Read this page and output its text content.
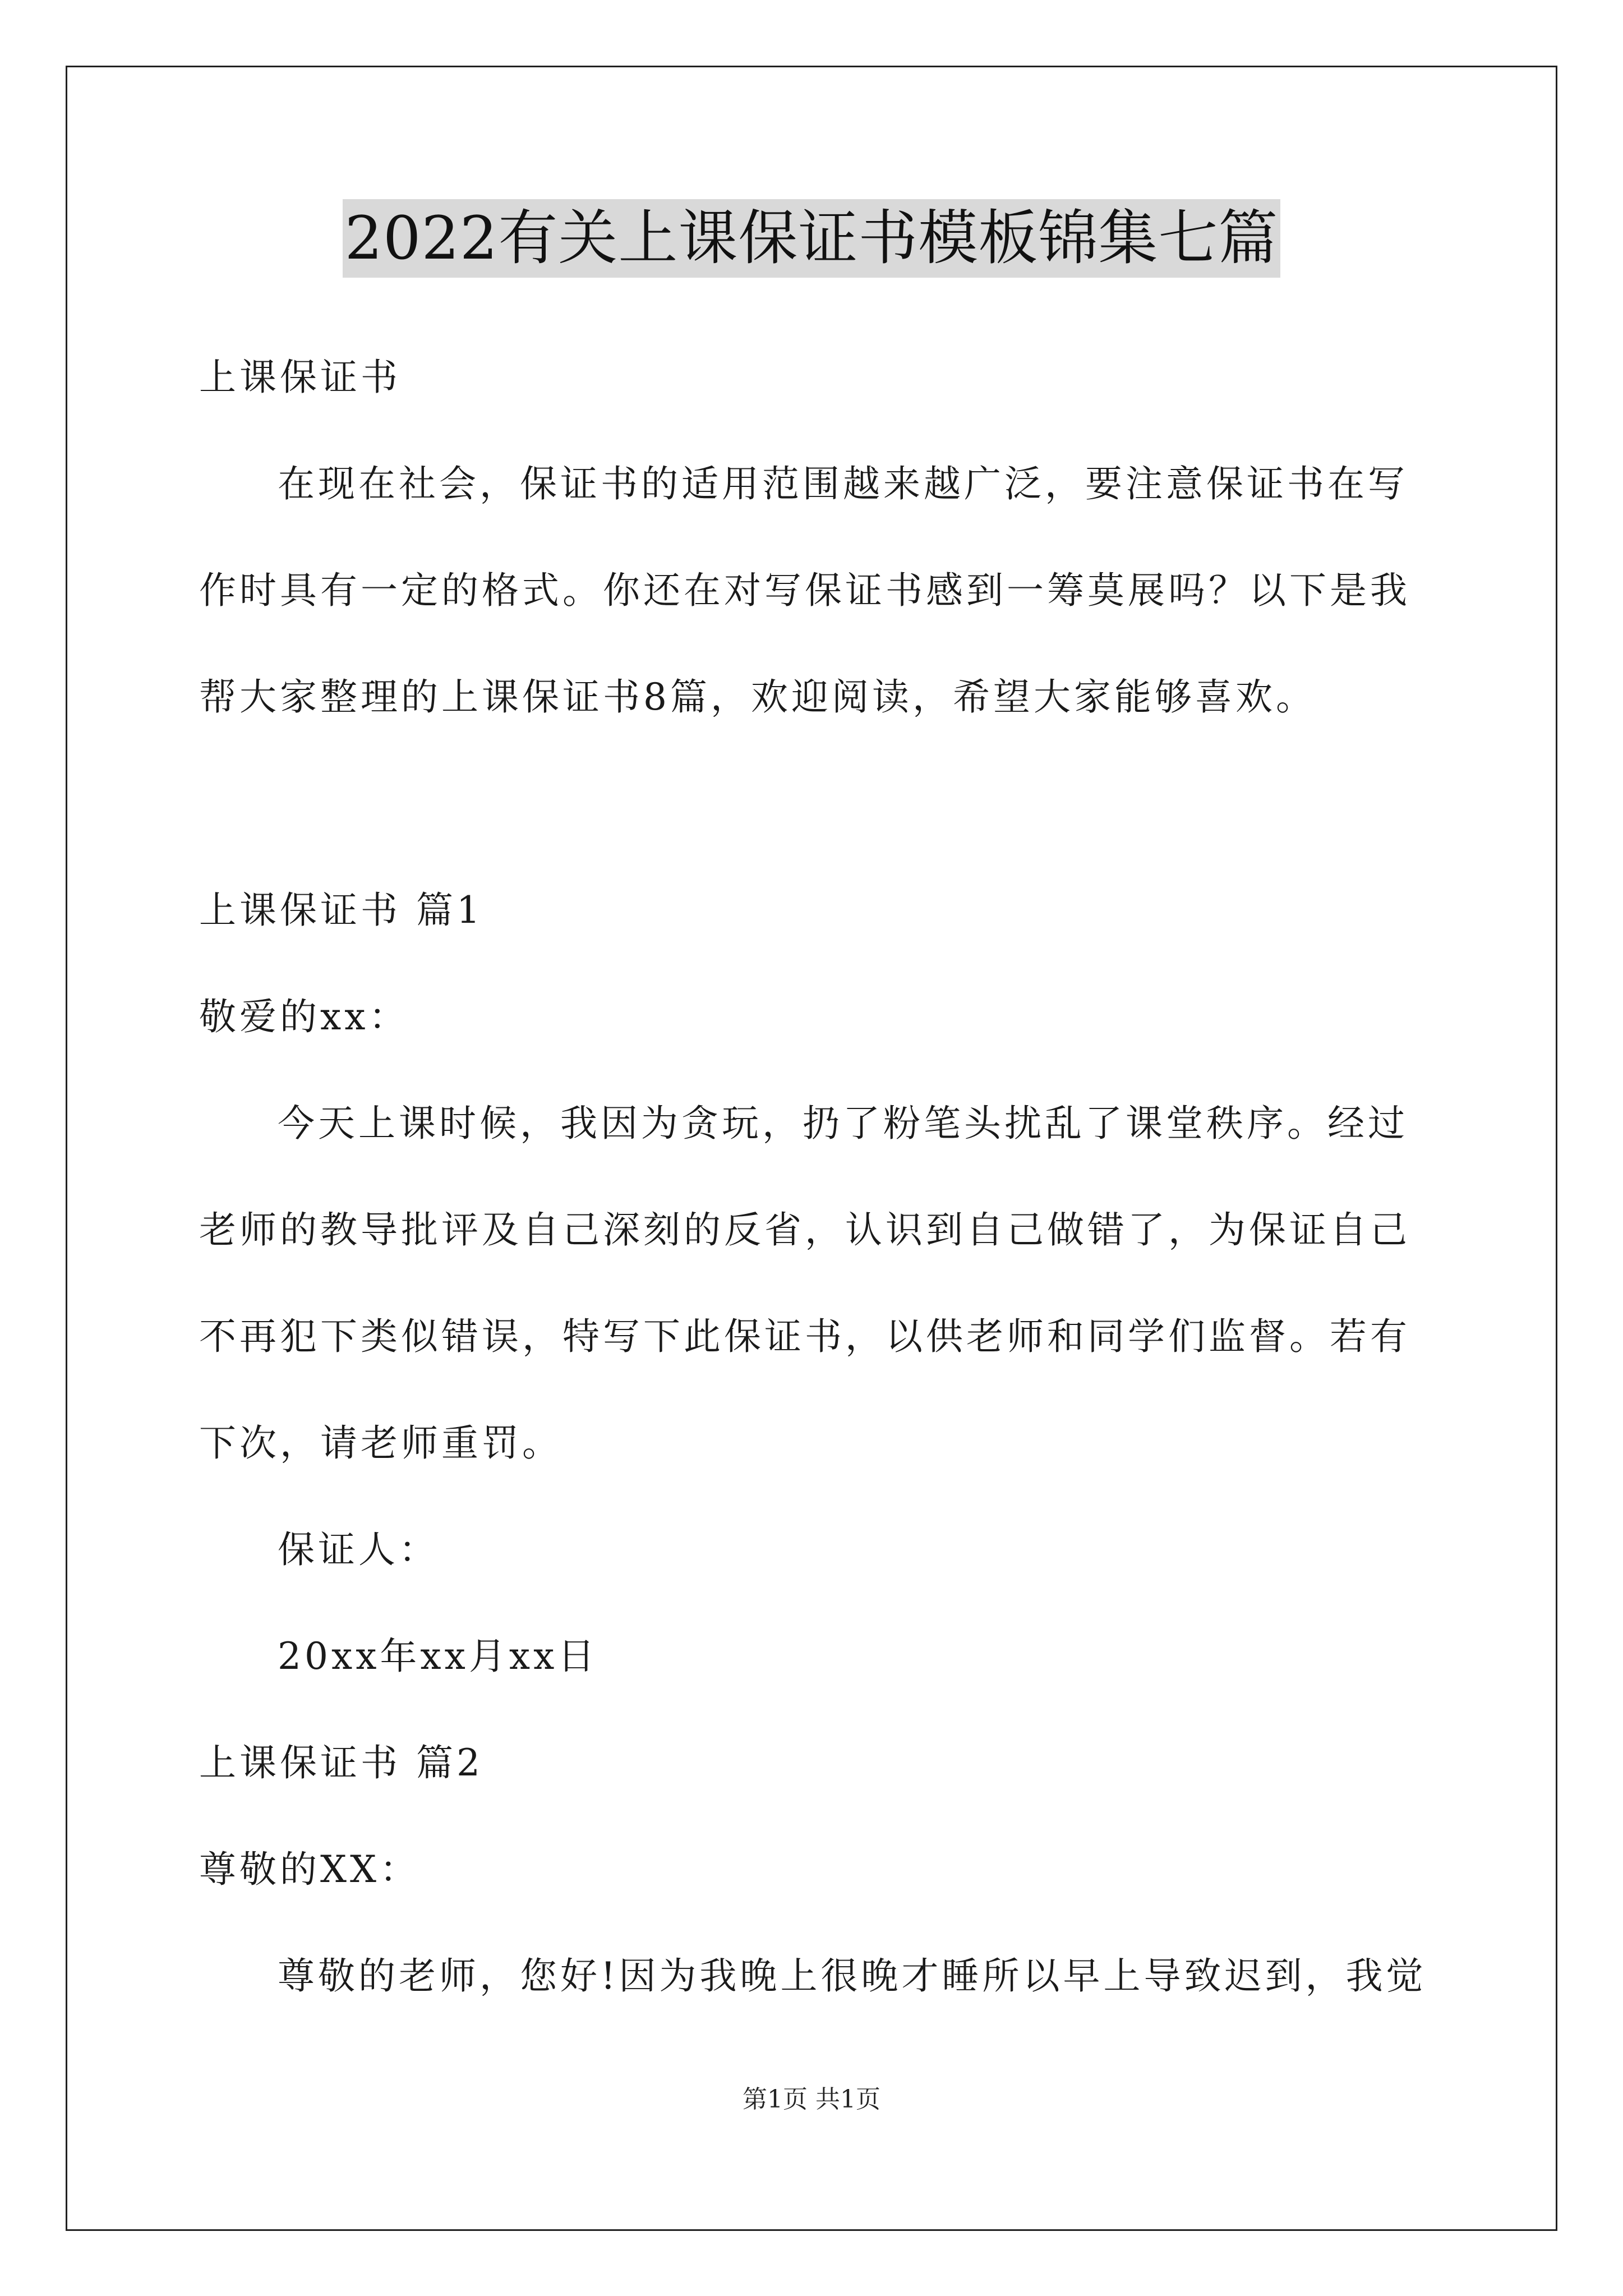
2022有关上课保证书模板锦集七篇
上课保证书
在现在社会，保证书的适用范围越来越广泛，要注意保证书在写
作时具有一定的格式。你还在对写保证书感到一筹莫展吗？以下是我
帮大家整理的上课保证书8篇，欢迎阅读，希望大家能够喜欢。
上课保证书 篇1
敬爱的xx：
今天上课时候，我因为贪玩，扔了粉笔头扰乱了课堂秩序。经过
老师的教导批评及自己深刻的反省，认识到自己做错了，为保证自己
不再犯下类似错误，特写下此保证书，以供老师和同学们监督。若有
下次，请老师重罚。
保证人：
20xx年xx月xx日
上课保证书 篇2
尊敬的XX：
尊敬的老师，您好!因为我晚上很晚才睡所以早上导致迟到，我觉
第1页 共1页
